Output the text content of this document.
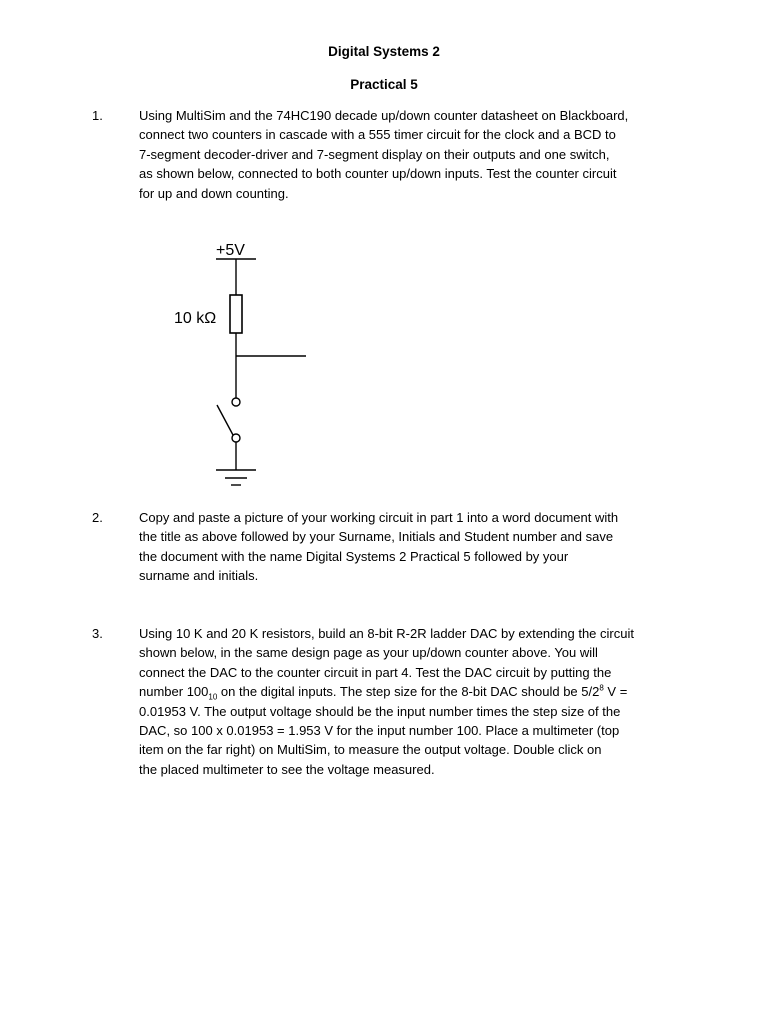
Digital Systems 2
Practical 5
1.	Using MultiSim and the 74HC190 decade up/down counter datasheet on Blackboard,
connect two counters in cascade with a 555 timer circuit for the clock and a BCD to
7-segment decoder-driver and 7-segment display on their outputs and one switch,
as shown below, connected to both counter up/down inputs. Test the counter circuit
for up and down counting.
+5V
10 kΩ
2.	Copy and paste a picture of your working circuit in part 1 into a word document with
the title as above followed by your Surname, Initials and Student number and save
the document with the name Digital Systems 2 Practical 5 followed by your
surname and initials.
3.	Using 10 K and 20 K resistors, build an 8-bit R-2R ladder DAC by extending the circuit
shown below, in the same design page as your up/down counter above. You will
connect the DAC to the counter circuit in part 4. Test the DAC circuit by putting the
number $100_{10}$ on the digital inputs. The step size for the 8-bit DAC should be $5/2^8$ V =
0.01953 V. The output voltage should be the input number times the step size of the
DAC, so 100 x 0.01953 = 1.953 V for the input number 100. Place a multimeter (top
item on the far right) on MultiSim, to measure the output voltage. Double click on
the placed multimeter to see the voltage measured.
